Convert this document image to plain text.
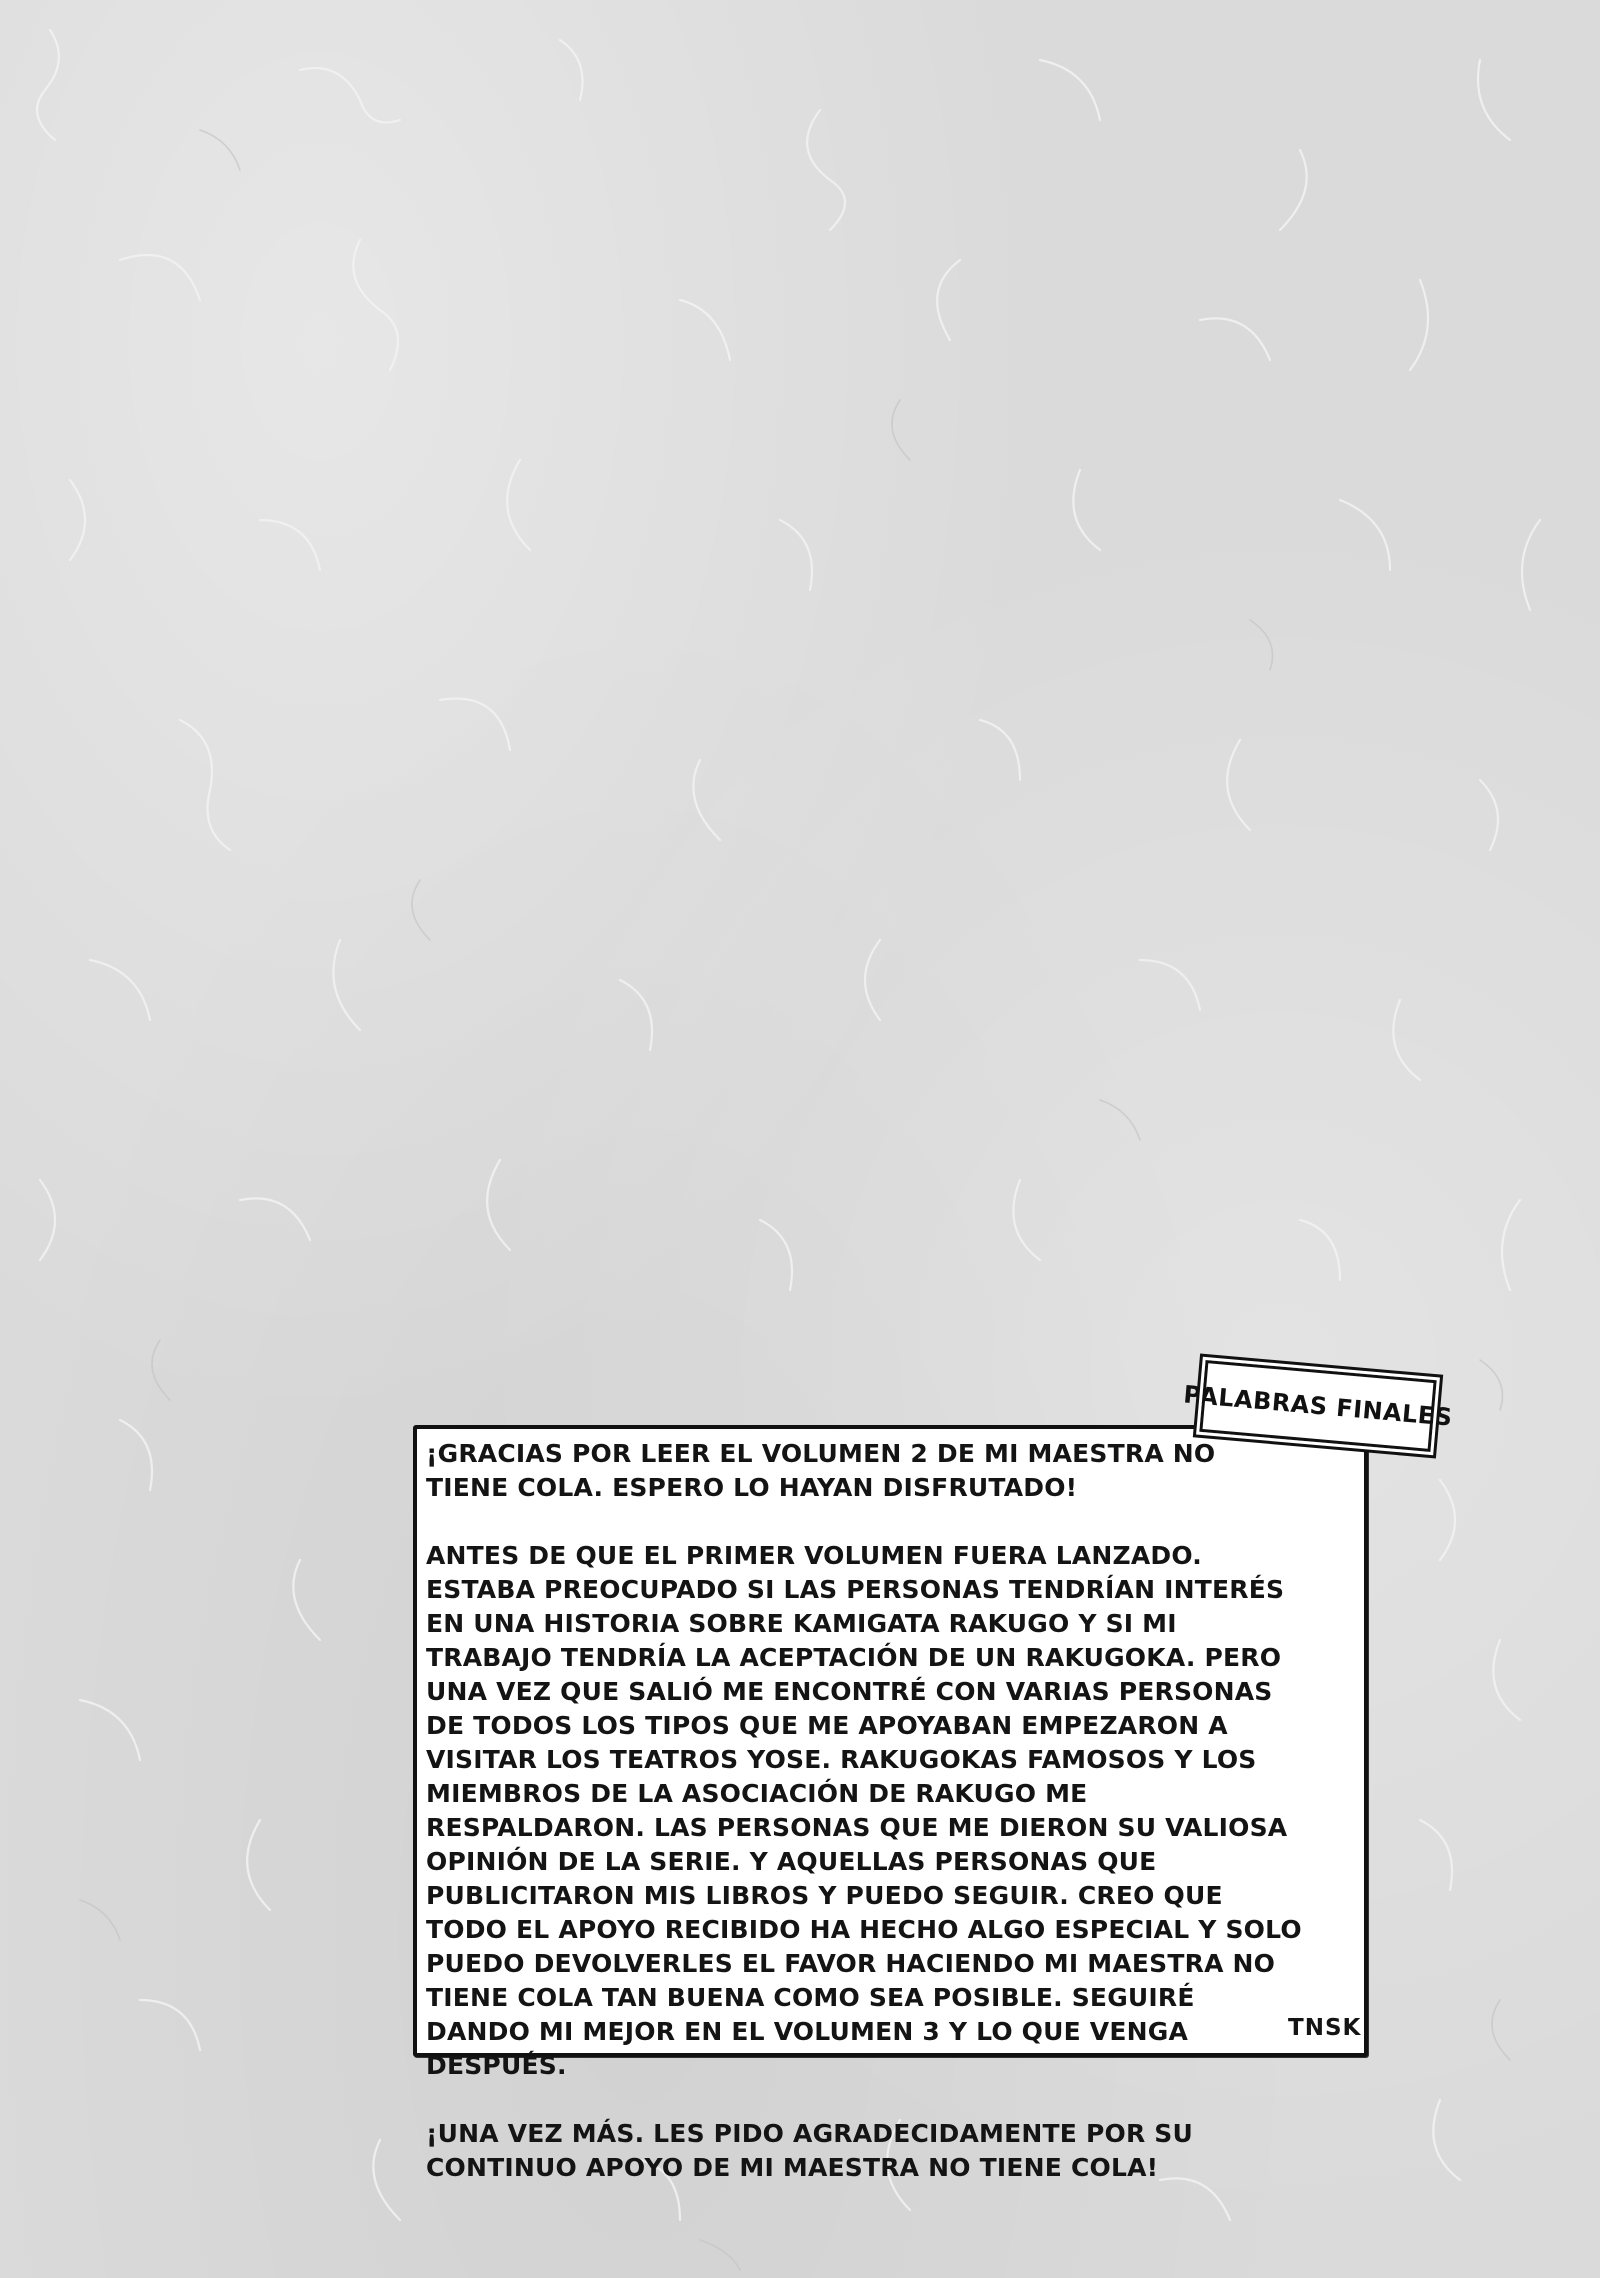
¡GRACIAS POR LEER EL VOLUMEN 2 DE MI MAESTRA NO TIENE COLA. ESPERO LO HAYAN DISFRUTADO!

ANTES DE QUE EL PRIMER VOLUMEN FUERA LANZADO. ESTABA PREOCUPADO SI LAS PERSONAS TENDRÍAN INTERÉS EN UNA HISTORIA SOBRE KAMIGATA RAKUGO Y SI MI TRABAJO TENDRÍA LA ACEPTACIÓN DE UN RAKUGOKA. PERO UNA VEZ QUE SALIÓ ME ENCONTRÉ CON VARIAS PERSONAS DE TODOS LOS TIPOS QUE ME APOYABAN EMPEZARON A VISITAR LOS TEATROS YOSE. RAKUGOKAS FAMOSOS Y LOS MIEMBROS DE LA ASOCIACIÓN DE RAKUGO ME RESPALDARON. LAS PERSONAS QUE ME DIERON SU VALIOSA OPINIÓN DE LA SERIE. Y AQUELLAS PERSONAS QUE PUBLICITARON MIS LIBROS Y PUEDO SEGUIR. CREO QUE TODO EL APOYO RECIBIDO HA HECHO ALGO ESPECIAL Y SOLO PUEDO DEVOLVERLES EL FAVOR HACIENDO MI MAESTRA NO TIENE COLA TAN BUENA COMO SEA POSIBLE. SEGUIRÉ DANDO MI MEJOR EN EL VOLUMEN 3 Y LO QUE VENGA DESPUÉS.

¡UNA VEZ MÁS. LES PIDO AGRADECIDAMENTE POR SU CONTINUO APOYO DE MI MAESTRA NO TIENE COLA!

TNSK
PALABRAS FINALES
